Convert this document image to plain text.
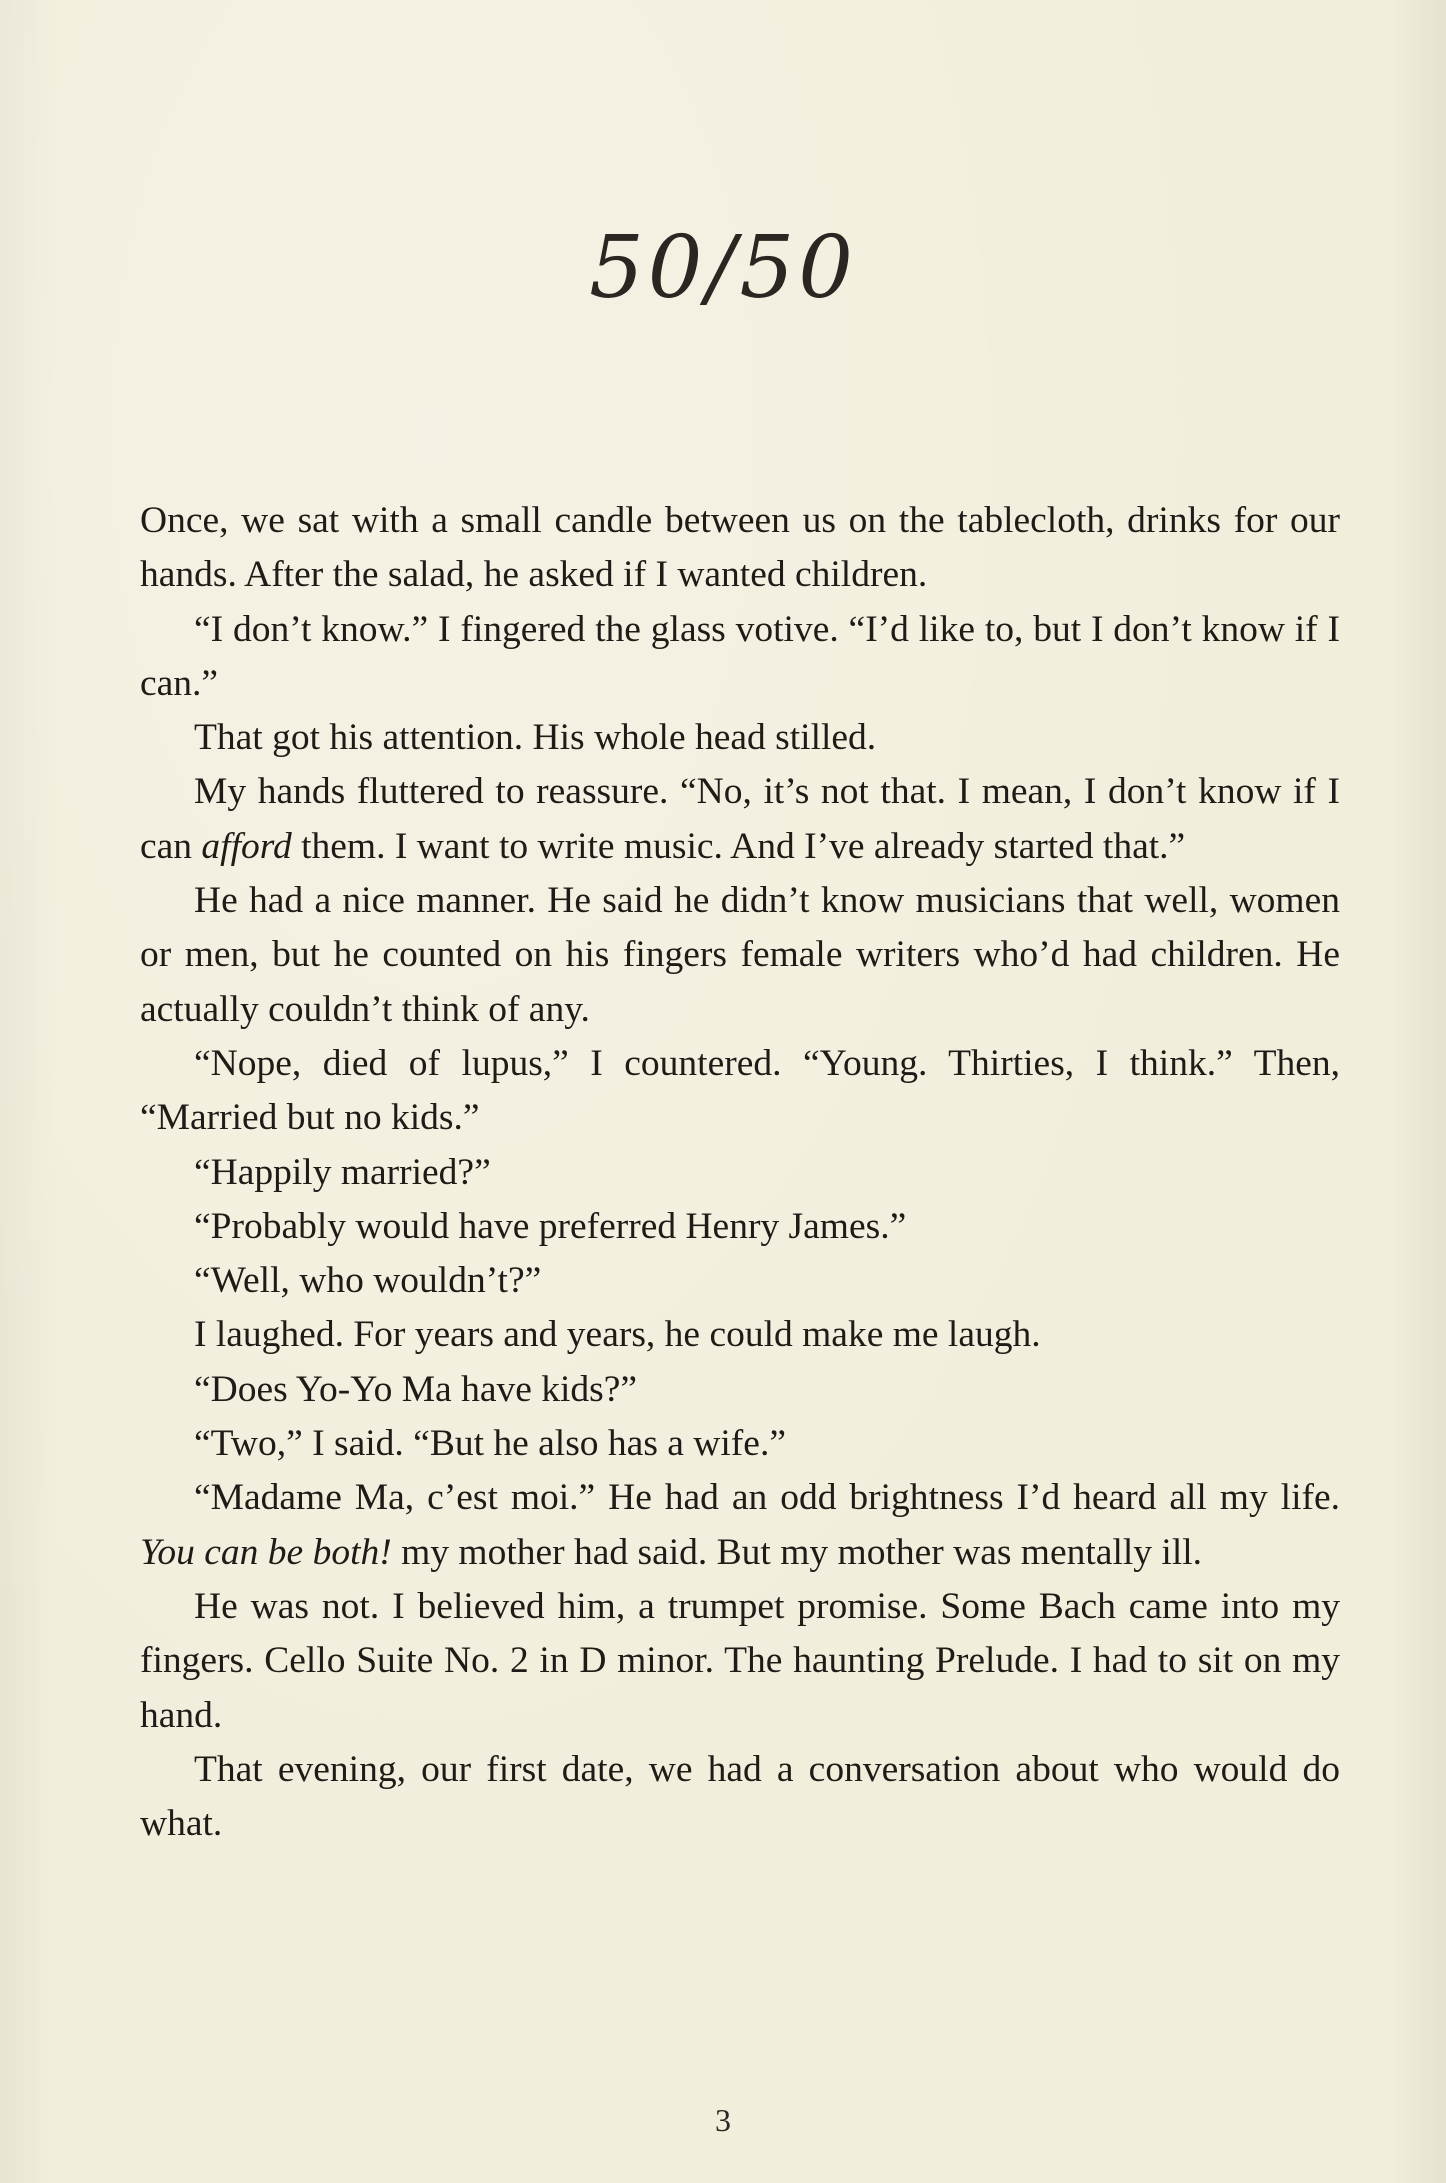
50/50

Once, we sat with a small candle between us on the tablecloth, drinks for our hands. After the salad, he asked if I wanted children.

“I don’t know.” I fingered the glass votive. “I’d like to, but I don’t know if I can.”

That got his attention. His whole head stilled.

My hands fluttered to reassure. “No, it’s not that. I mean, I don’t know if I can afford them. I want to write music. And I’ve already started that.”

He had a nice manner. He said he didn’t know musicians that well, women or men, but he counted on his fingers female writers who’d had children. He actually couldn’t think of any.

“Nope, died of lupus,” I countered. “Young. Thirties, I think.” Then, “Married but no kids.”

“Happily married?”

“Probably would have preferred Henry James.”

“Well, who wouldn’t?”

I laughed. For years and years, he could make me laugh.

“Does Yo-Yo Ma have kids?”

“Two,” I said. “But he also has a wife.”

“Madame Ma, c’est moi.” He had an odd brightness I’d heard all my life. You can be both! my mother had said. But my mother was mentally ill.

He was not. I believed him, a trumpet promise. Some Bach came into my fingers. Cello Suite No. 2 in D minor. The haunting Prelude. I had to sit on my hand.

That evening, our first date, we had a conversation about who would do what.

3
